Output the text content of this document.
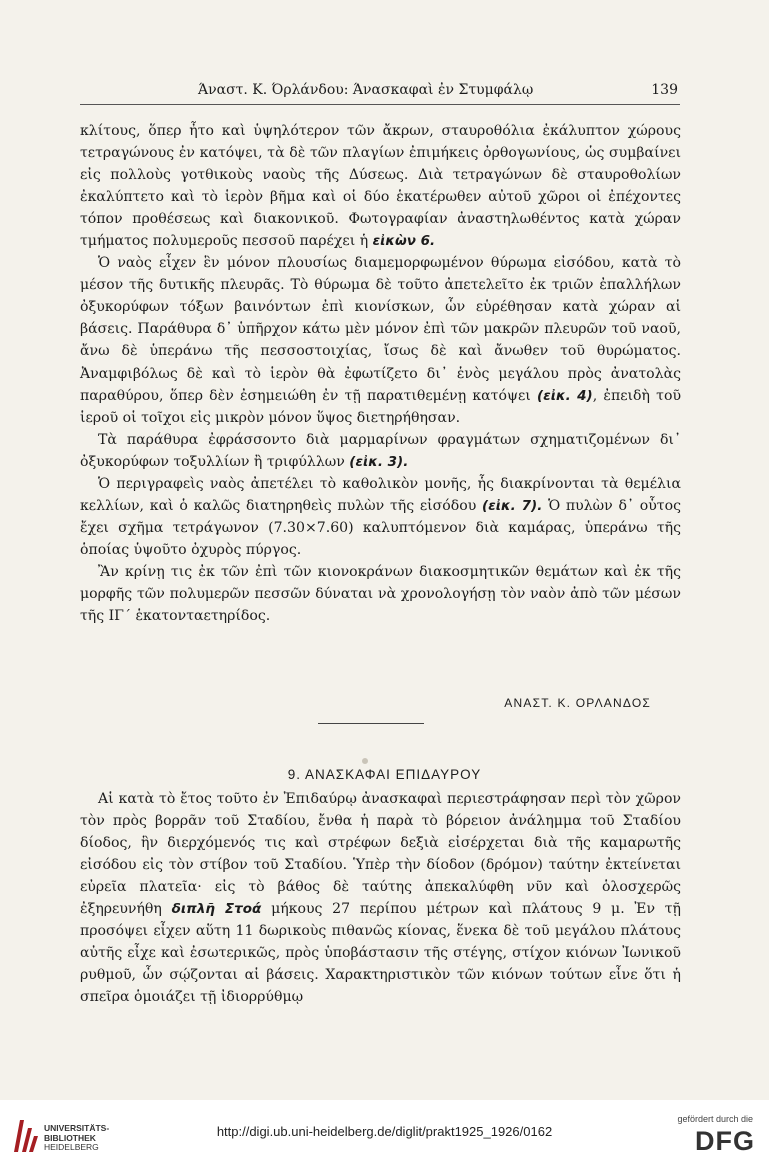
Άναστ. Κ. Όρλάνδου: Άνασκαφαὶ ἐν Στυμφάλῳ	139

κλίτους, ὅπερ ἦτο καὶ ὑψηλότερον τῶν ἄκρων, σταυροθόλια ἐκάλυπτον χώρους τετραγώνους ἐν κατόψει, τὰ δὲ τῶν πλαγίων ἐπιμήκεις ὀρθογωνίους, ὡς συμβαίνει εἰς πολλοὺς γοτθικοὺς ναοὺς τῆς Δύσεως. Διὰ τετραγώνων δὲ σταυροθολίων ἐκαλύπτετο καὶ τὸ ἱερὸν βῆμα καὶ οἱ δύο ἑκατέρωθεν αὐτοῦ χῶροι οἱ ἐπέχοντες τόπον προθέσεως καὶ διακονικοῦ. Φωτογραφίαν ἀναστηλωθέντος κατὰ χώραν τμήματος πολυμεροῦς πεσσοῦ παρέχει ἡ εἰκὼν 6.

Ὁ ναὸς εἶχεν ἓν μόνον πλουσίως διαμεμορφωμένον θύρωμα εἰσόδου, κατὰ τὸ μέσον τῆς δυτικῆς πλευρᾶς. Τὸ θύρωμα δὲ τοῦτο ἀπετελεῖτο ἐκ τριῶν ἐπαλλήλων ὀξυκορύφων τόξων βαινόντων ἐπὶ κιονίσκων, ὧν εὑρέθησαν κατὰ χώραν αἱ βάσεις. Παράθυρα δ᾽ ὑπῆρχον κάτω μὲν μόνον ἐπὶ τῶν μακρῶν πλευρῶν τοῦ ναοῦ, ἄνω δὲ ὑπεράνω τῆς πεσσοστοιχίας, ἴσως δὲ καὶ ἄνωθεν τοῦ θυρώματος. Ἀναμφιβόλως δὲ καὶ τὸ ἱερὸν θὰ ἐφωτίζετο δι᾽ ἑνὸς μεγάλου πρὸς ἀνατολὰς παραθύρου, ὅπερ δὲν ἐσημειώθη ἐν τῇ παρατιθεμένῃ κατόψει (εἰκ. 4), ἐπειδὴ τοῦ ἱεροῦ οἱ τοῖχοι εἰς μικρὸν μόνον ὕψος διετηρήθησαν.

Τὰ παράθυρα ἐφράσσοντο διὰ μαρμαρίνων φραγμάτων σχηματιζομένων δι᾽ ὀξυκορύφων τοξυλλίων ἢ τριφύλλων (εἰκ. 3).

Ὁ περιγραφεὶς ναὸς ἀπετέλει τὸ καθολικὸν μονῆς, ἧς διακρίνονται τὰ θεμέλια κελλίων, καὶ ὁ καλῶς διατηρηθεὶς πυλὼν τῆς εἰσόδου (εἰκ. 7). Ὁ πυλὼν δ᾽ οὗτος ἔχει σχῆμα τετράγωνον (7.30×7.60) καλυπτόμενον διὰ καμάρας, ὑπεράνω τῆς ὁποίας ὑψοῦτο ὀχυρὸς πύργος.

Ἂν κρίνῃ τις ἐκ τῶν ἐπὶ τῶν κιονοκράνων διακοσμητικῶν θεμάτων καὶ ἐκ τῆς μορφῆς τῶν πολυμερῶν πεσσῶν δύναται νὰ χρονολογήσῃ τὸν ναὸν ἀπὸ τῶν μέσων τῆς ΙΓ´ ἑκατονταετηρίδος.

ΑΝΑΣΤ. Κ. ΟΡΛΑΝΔΟΣ
9. ΑΝΑΣΚΑΦΑΙ ΕΠΙΔΑΥΡΟΥ

Αἱ κατὰ τὸ ἔτος τοῦτο ἐν Ἐπιδαύρῳ ἀνασκαφαὶ περιεστράφησαν περὶ τὸν χῶρον τὸν πρὸς βορρᾶν τοῦ Σταδίου, ἔνθα ἡ παρὰ τὸ βόρειον ἀνάλημμα τοῦ Σταδίου δίοδος, ἣν διερχόμενός τις καὶ στρέφων δεξιὰ εἰσέρχεται διὰ τῆς καμαρωτῆς εἰσόδου εἰς τὸν στίβον τοῦ Σταδίου. Ὑπὲρ τὴν δίοδον (δρόμον) ταύτην ἐκτείνεται εὐρεῖα πλατεῖα· εἰς τὸ βάθος δὲ ταύτης ἀπεκαλύφθη νῦν καὶ ὁλοσχερῶς ἐξηρευνήθη διπλῆ Στοά μήκους 27 περίπου μέτρων καὶ πλάτους 9 μ. Ἐν τῇ προσόψει εἶχεν αὕτη 11 δωρικοὺς πιθανῶς κίονας, ἕνεκα δὲ τοῦ μεγάλου πλάτους αὐτῆς εἶχε καὶ ἐσωτερικῶς, πρὸς ὑποβάστασιν τῆς στέγης, στίχον κιόνων Ἰωνικοῦ ρυθμοῦ, ὧν σῴζονται αἱ βάσεις. Χαρακτηριστικὸν τῶν κιόνων τούτων εἶνε ὅτι ἡ σπεῖρα ὁμοιάζει τῇ ἰδιορρύθμῳ

UNIVERSITÄTS-
BIBLIOTHEK
HEIDELBERG
http://digi.ub.uni-heidelberg.de/diglit/prakt1925_1926/0162
gefördert durch die
DFG
